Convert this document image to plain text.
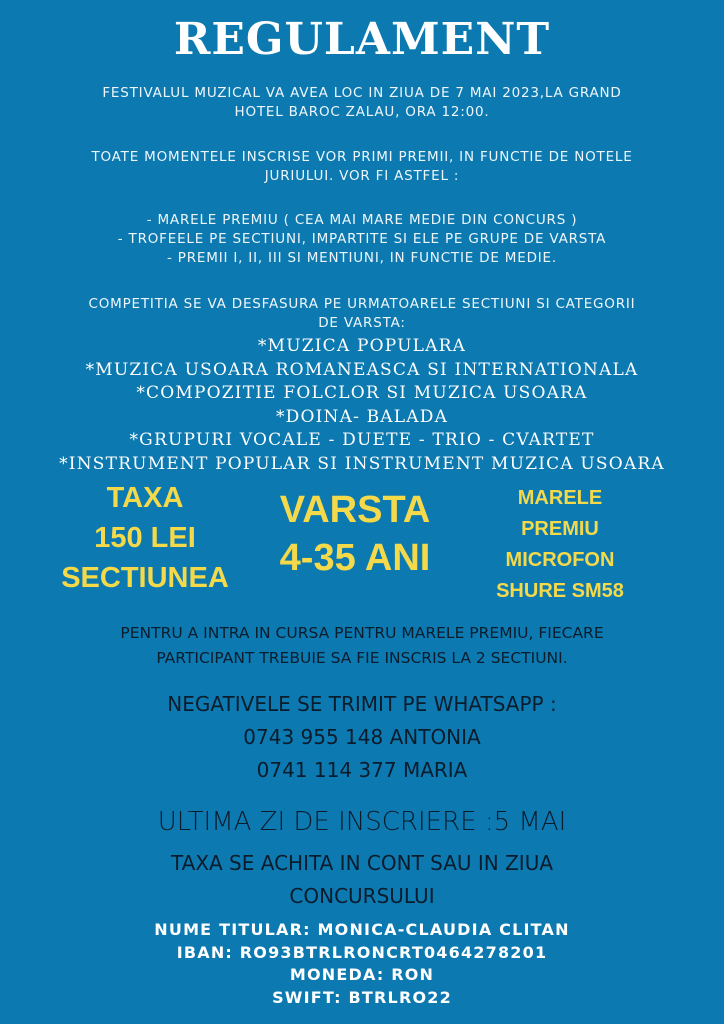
REGULAMENT
FESTIVALUL MUZICAL VA AVEA LOC IN ZIUA DE 7 MAI 2023,LA GRAND
HOTEL BAROC ZALAU, ORA 12:00.
TOATE MOMENTELE INSCRISE VOR PRIMI PREMII, IN FUNCTIE DE NOTELE
JURIULUI. VOR FI ASTFEL :
- MARELE PREMIU ( CEA MAI MARE MEDIE DIN CONCURS )
- TROFEELE PE SECTIUNI, IMPARTITE SI ELE PE GRUPE DE VARSTA
- PREMII I, II, III SI MENTIUNI, IN FUNCTIE DE MEDIE.
COMPETITIA SE VA DESFASURA PE URMATOARELE SECTIUNI SI CATEGORII
DE VARSTA:
*MUZICA POPULARA
*MUZICA USOARA ROMANEASCA SI INTERNATIONALA
*COMPOZITIE FOLCLOR SI MUZICA USOARA
*DOINA- BALADA
*GRUPURI VOCALE - DUETE - TRIO - CVARTET
*INSTRUMENT POPULAR SI INSTRUMENT MUZICA USOARA
TAXA
150 LEI
SECTIUNEA
VARSTA
4-35 ANI
MARELE
PREMIU
MICROFON
SHURE SM58
PENTRU A INTRA IN CURSA PENTRU MARELE PREMIU, FIECARE
PARTICIPANT TREBUIE SA FIE INSCRIS LA 2 SECTIUNI.
NEGATIVELE SE TRIMIT PE WHATSAPP :
0743 955 148 ANTONIA
0741 114 377 MARIA
ULTIMA ZI DE INSCRIERE :5 MAI
TAXA SE ACHITA IN CONT SAU IN ZIUA
CONCURSULUI
NUME TITULAR: MONICA-CLAUDIA CLITAN
IBAN: RO93BTRLRONCRT0464278201
MONEDA: RON
SWIFT: BTRLRO22
